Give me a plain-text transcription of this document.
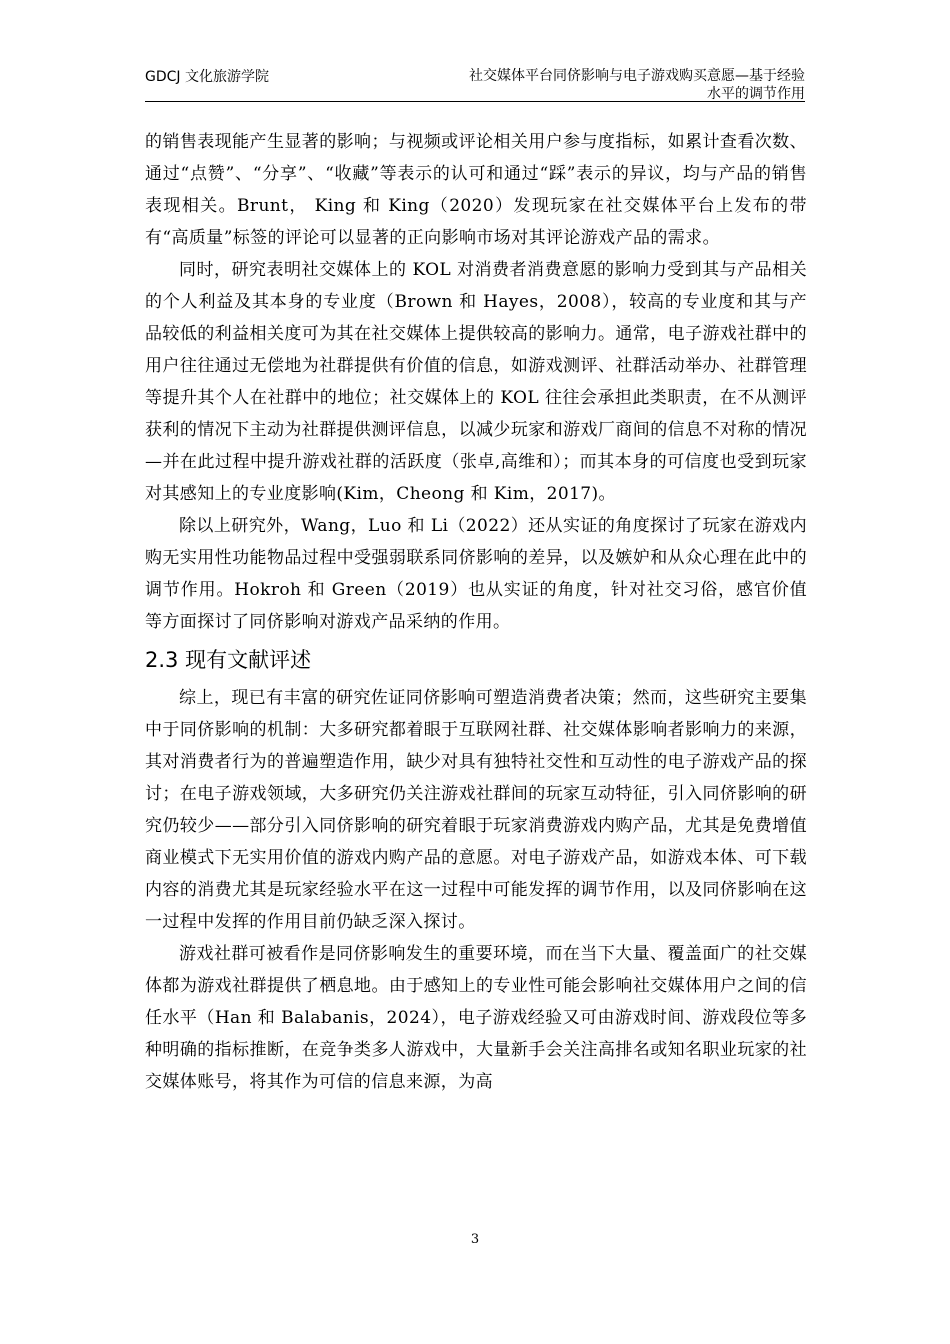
GDCJ 文化旅游学院	社交媒体平台同侪影响与电子游戏购买意愿—基于经验水平的调节作用

的销售表现能产生显著的影响；与视频或评论相关用户参与度指标，如累计查看次数、通过“点赞”、“分享”、“收藏”等表示的认可和通过“踩”表示的异议，均与产品的销售表现相关。Brunt， King 和 King（2020）发现玩家在社交媒体平台上发布的带有“高质量”标签的评论可以显著的正向影响市场对其评论游戏产品的需求。

同时，研究表明社交媒体上的 KOL 对消费者消费意愿的影响力受到其与产品相关的个人利益及其本身的专业度（Brown 和 Hayes，2008），较高的专业度和其与产品较低的利益相关度可为其在社交媒体上提供较高的影响力。通常，电子游戏社群中的用户往往通过无偿地为社群提供有价值的信息，如游戏测评、社群活动举办、社群管理等提升其个人在社群中的地位；社交媒体上的 KOL 往往会承担此类职责，在不从测评获利的情况下主动为社群提供测评信息，以减少玩家和游戏厂商间的信息不对称的情况—并在此过程中提升游戏社群的活跃度（张卓,高维和）；而其本身的可信度也受到玩家对其感知上的专业度影响(Kim，Cheong 和 Kim，2017)。

除以上研究外，Wang，Luo 和 Li（2022）还从实证的角度探讨了玩家在游戏内购无实用性功能物品过程中受强弱联系同侪影响的差异，以及嫉妒和从众心理在此中的调节作用。Hokroh 和 Green（2019）也从实证的角度，针对社交习俗，感官价值等方面探讨了同侪影响对游戏产品采纳的作用。

2.3 现有文献评述

综上，现已有丰富的研究佐证同侪影响可塑造消费者决策；然而，这些研究主要集中于同侪影响的机制：大多研究都着眼于互联网社群、社交媒体影响者影响力的来源，其对消费者行为的普遍塑造作用，缺少对具有独特社交性和互动性的电子游戏产品的探讨；在电子游戏领域，大多研究仍关注游戏社群间的玩家互动特征，引入同侪影响的研究仍较少——部分引入同侪影响的研究着眼于玩家消费游戏内购产品，尤其是免费增值商业模式下无实用价值的游戏内购产品的意愿。对电子游戏产品，如游戏本体、可下载内容的消费尤其是玩家经验水平在这一过程中可能发挥的调节作用，以及同侪影响在这一过程中发挥的作用目前仍缺乏深入探讨。

游戏社群可被看作是同侪影响发生的重要环境，而在当下大量、覆盖面广的社交媒体都为游戏社群提供了栖息地。由于感知上的专业性可能会影响社交媒体用户之间的信任水平（Han 和 Balabanis，2024），电子游戏经验又可由游戏时间、游戏段位等多种明确的指标推断，在竞争类多人游戏中，大量新手会关注高排名或知名职业玩家的社交媒体账号，将其作为可信的信息来源，为高

3
